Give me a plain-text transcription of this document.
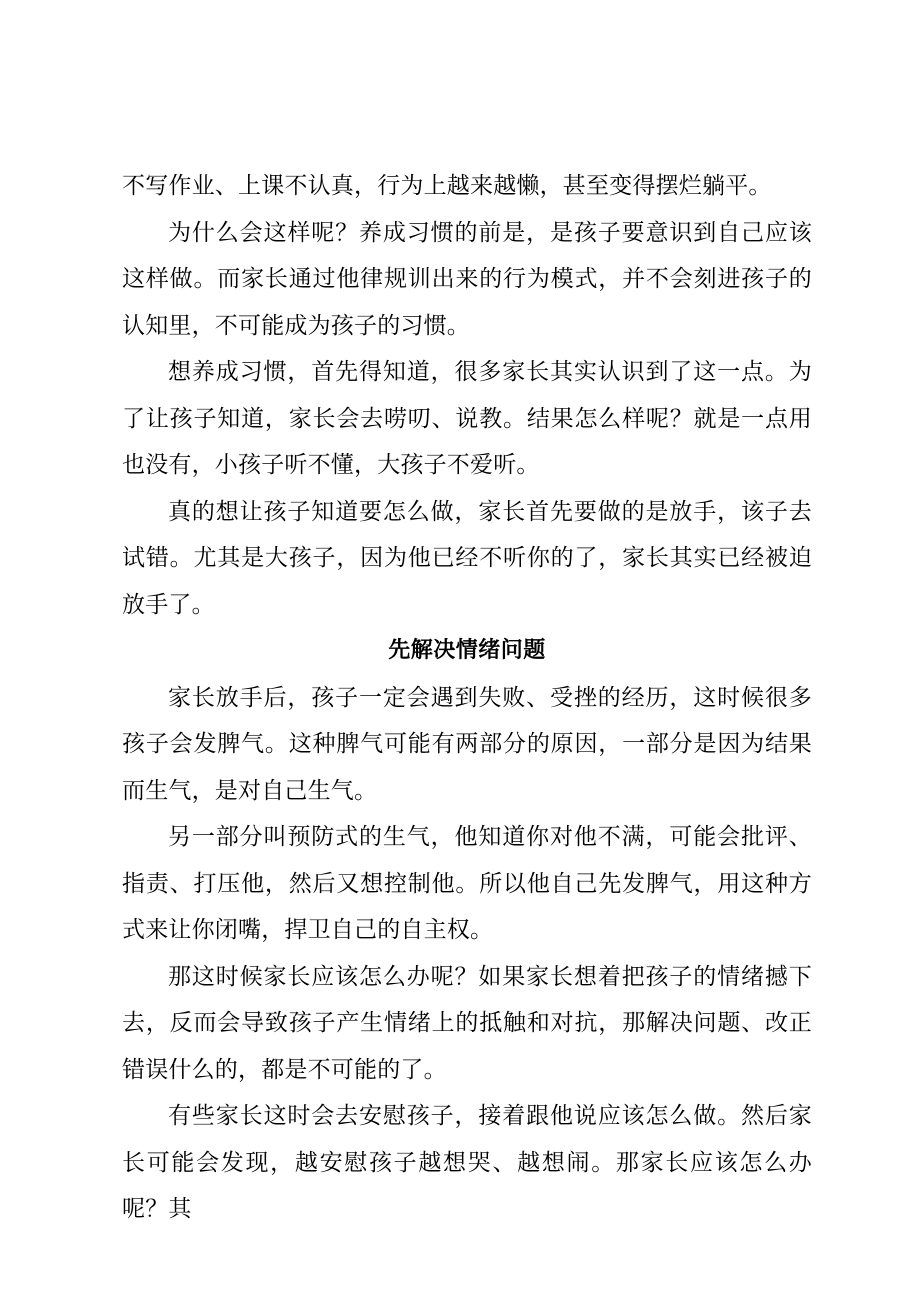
不写作业、上课不认真，行为上越来越懒，甚至变得摆烂躺平。

为什么会这样呢？养成习惯的前是，是孩子要意识到自己应该这样做。而家长通过他律规训出来的行为模式，并不会刻进孩子的认知里，不可能成为孩子的习惯。

想养成习惯，首先得知道，很多家长其实认识到了这一点。为了让孩子知道，家长会去唠叨、说教。结果怎么样呢？就是一点用也没有，小孩子听不懂，大孩子不爱听。

真的想让孩子知道要怎么做，家长首先要做的是放手，该子去试错。尤其是大孩子，因为他已经不听你的了，家长其实已经被迫放手了。

先解决情绪问题

家长放手后，孩子一定会遇到失败、受挫的经历，这时候很多孩子会发脾气。这种脾气可能有两部分的原因，一部分是因为结果而生气，是对自己生气。

另一部分叫预防式的生气，他知道你对他不满，可能会批评、指责、打压他，然后又想控制他。所以他自己先发脾气，用这种方式来让你闭嘴，捍卫自己的自主权。

那这时候家长应该怎么办呢？如果家长想着把孩子的情绪撼下去，反而会导致孩子产生情绪上的抵触和对抗，那解决问题、改正错误什么的，都是不可能的了。

有些家长这时会去安慰孩子，接着跟他说应该怎么做。然后家长可能会发现，越安慰孩子越想哭、越想闹。那家长应该怎么办呢？其
